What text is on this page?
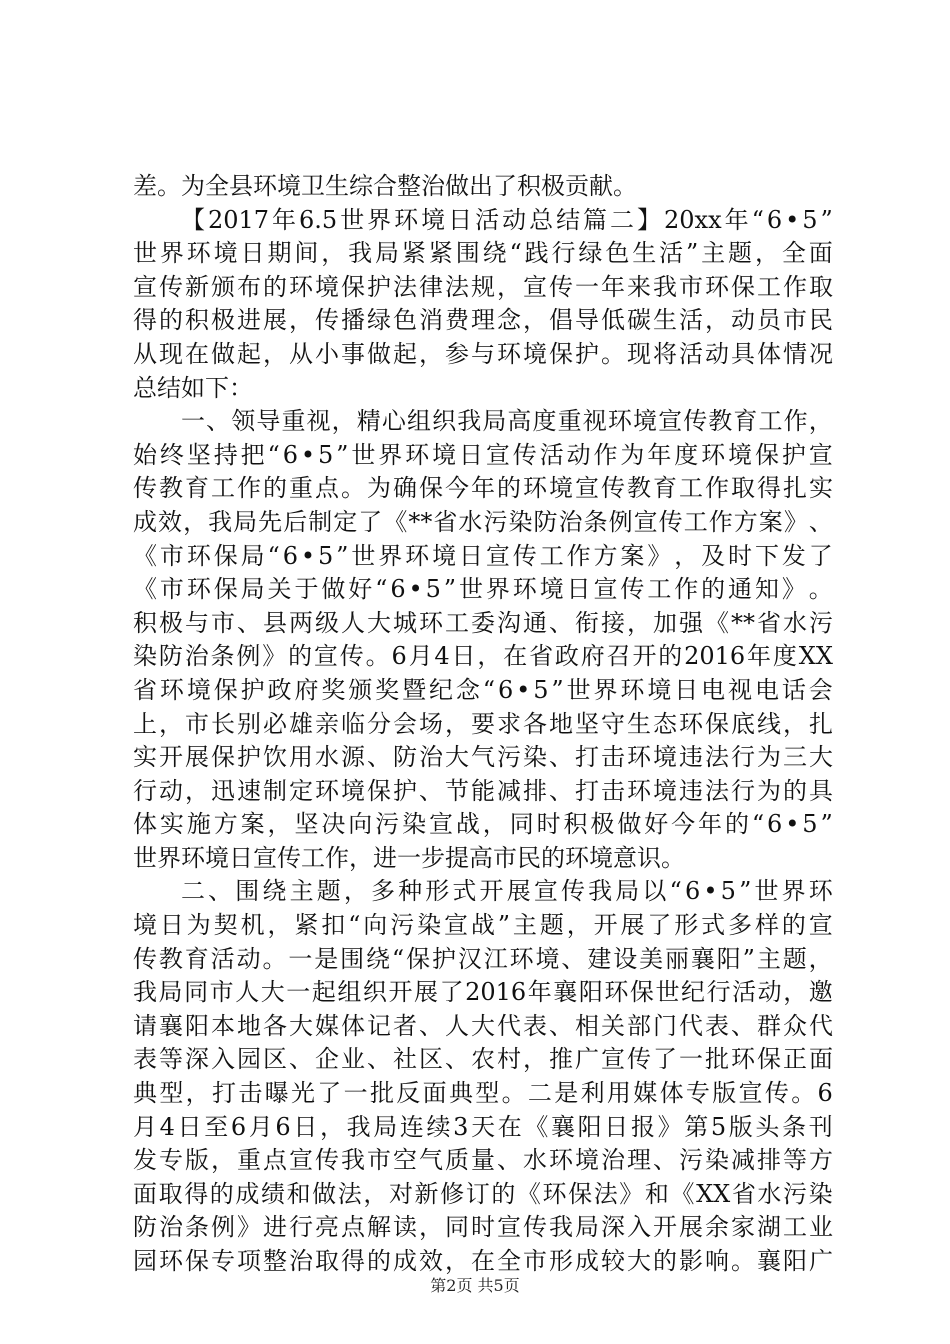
差。为全县环境卫生综合整治做出了积极贡献。
【 2017 年 6.5 世 界 环 境 日 活 动 总 结 篇 二 】 20xx 年 “ 6 • 5 ”
世 界 环 境 日 期 间 ， 我 局 紧 紧 围 绕 “ 践 行 绿 色 生 活 ” 主 题 ， 全 面
宣 传 新 颁 布 的 环 境 保 护 法 律 法 规 ， 宣 传 一 年 来 我 市 环 保 工 作 取
得 的 积 极 进 展 ， 传 播 绿 色 消 费 理 念 ， 倡 导 低 碳 生 活 ， 动 员 市 民
从 现 在 做 起 ， 从 小 事 做 起 ， 参 与 环 境 保 护 。 现 将 活 动 具 体 情 况
总结如下：
一 、 领 导 重 视 ， 精 心 组 织 我 局 高 度 重 视 环 境 宣 传 教 育 工 作 ，
始 终 坚 持 把 “ 6 • 5 ” 世 界 环 境 日 宣 传 活 动 作 为 年 度 环 境 保 护 宣
传 教 育 工 作 的 重 点 。 为 确 保 今 年 的 环 境 宣 传 教 育 工 作 取 得 扎 实
成 效 ， 我 局 先 后 制 定 了 《 ** 省 水 污 染 防 治 条 例 宣 传 工 作 方 案 》 、
《 市 环 保 局 “ 6 • 5 ” 世 界 环 境 日 宣 传 工 作 方 案 》 ， 及 时 下 发 了
《 市 环 保 局 关 于 做 好 “ 6 • 5 ” 世 界 环 境 日 宣 传 工 作 的 通 知 》 。
积 极 与 市 、 县 两 级 人 大 城 环 工 委 沟 通 、 衔 接 ， 加 强 《 ** 省 水 污
染 防 治 条 例 》 的 宣 传 。 6 月 4 日 ， 在 省 政 府 召 开 的 2016 年 度 XX
省 环 境 保 护 政 府 奖 颁 奖 暨 纪 念 “ 6 • 5 ” 世 界 环 境 日 电 视 电 话 会
上 ， 市 长 别 必 雄 亲 临 分 会 场 ， 要 求 各 地 坚 守 生 态 环 保 底 线 ， 扎
实 开 展 保 护 饮 用 水 源 、 防 治 大 气 污 染 、 打 击 环 境 违 法 行 为 三 大
行 动 ， 迅 速 制 定 环 境 保 护 、 节 能 减 排 、 打 击 环 境 违 法 行 为 的 具
体 实 施 方 案 ， 坚 决 向 污 染 宣 战 ， 同 时 积 极 做 好 今 年 的 “ 6 • 5 ”
世界环境日宣传工作，进一步提高市民的环境意识。
二 、 围 绕 主 题 ， 多 种 形 式 开 展 宣 传 我 局 以 “ 6 • 5 ” 世 界 环
境 日 为 契 机 ， 紧 扣 “ 向 污 染 宣 战 ” 主 题 ， 开 展 了 形 式 多 样 的 宣
传 教 育 活 动 。 一 是 围 绕 “ 保 护 汉 江 环 境 、 建 设 美 丽 襄 阳 ” 主 题 ，
我 局 同 市 人 大 一 起 组 织 开 展 了 2016 年 襄 阳 环 保 世 纪 行 活 动 ， 邀
请 襄 阳 本 地 各 大 媒 体 记 者 、 人 大 代 表 、 相 关 部 门 代 表 、 群 众 代
表 等 深 入 园 区 、 企 业 、 社 区 、 农 村 ， 推 广 宣 传 了 一 批 环 保 正 面
典 型 ， 打 击 曝 光 了 一 批 反 面 典 型 。 二 是 利 用 媒 体 专 版 宣 传 。 6
月 4 日 至 6 月 6 日 ， 我 局 连 续 3 天 在 《 襄 阳 日 报 》 第 5 版 头 条 刊
发 专 版 ， 重 点 宣 传 我 市 空 气 质 量 、 水 环 境 治 理 、 污 染 减 排 等 方
面 取 得 的 成 绩 和 做 法 ， 对 新 修 订 的 《 环 保 法 》 和 《 XX 省 水 污 染
防 治 条 例 》 进 行 亮 点 解 读 ， 同 时 宣 传 我 局 深 入 开 展 余 家 湖 工 业
园 环 保 专 项 整 治 取 得 的 成 效 ， 在 全 市 形 成 较 大 的 影 响 。 襄 阳 广
第2页 共5页
